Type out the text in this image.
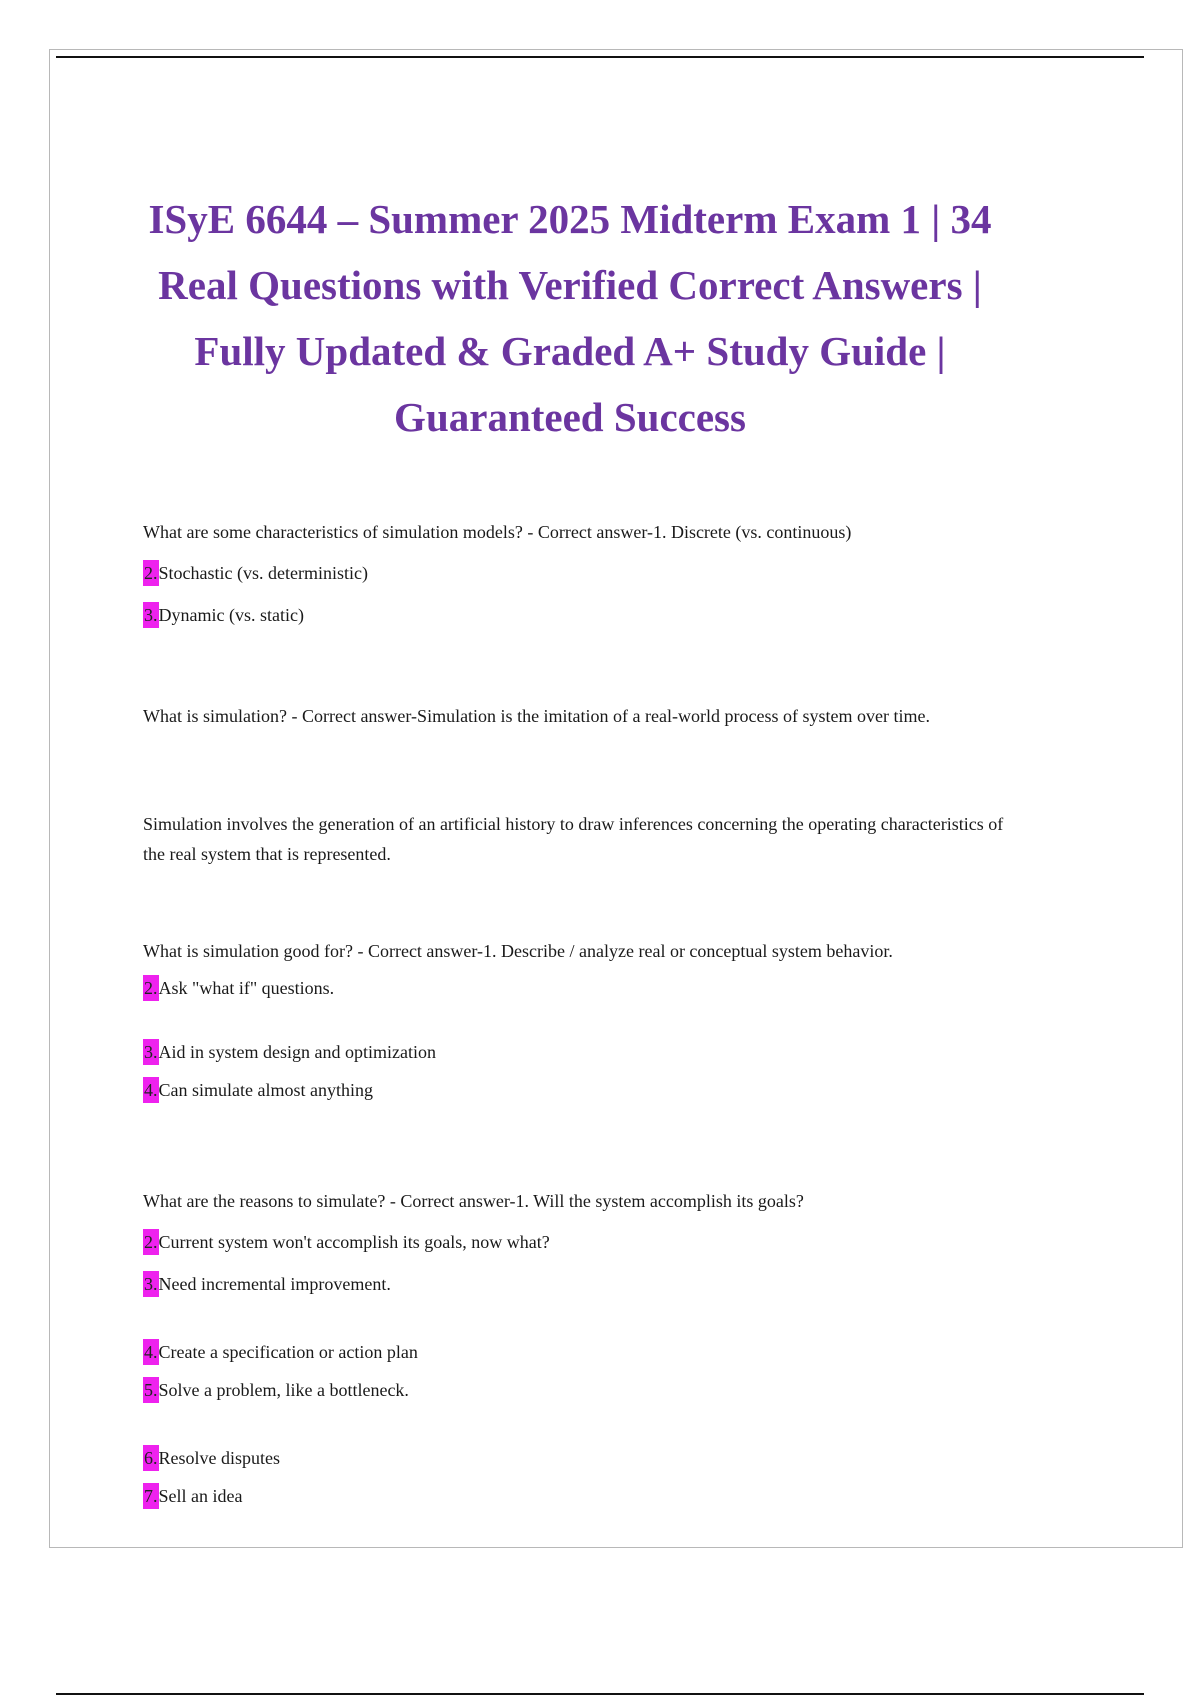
ISyE 6644 – Summer 2025 Midterm Exam 1 | 34 Real Questions with Verified Correct Answers | Fully Updated & Graded A+ Study Guide | Guaranteed Success

What are some characteristics of simulation models? - Correct answer-1. Discrete (vs. continuous)

2.Stochastic (vs. deterministic)
3.Dynamic (vs. static)

What is simulation? - Correct answer-Simulation is the imitation of a real-world process of system over time.

Simulation involves the generation of an artificial history to draw inferences concerning the operating characteristics of the real system that is represented.

What is simulation good for? - Correct answer-1. Describe / analyze real or conceptual system behavior.

2.Ask "what if" questions.
3.Aid in system design and optimization
4.Can simulate almost anything

What are the reasons to simulate? - Correct answer-1. Will the system accomplish its goals?

2.Current system won't accomplish its goals, now what?
3.Need incremental improvement.
4.Create a specification or action plan
5.Solve a problem, like a bottleneck.
6.Resolve disputes
7.Sell an idea
